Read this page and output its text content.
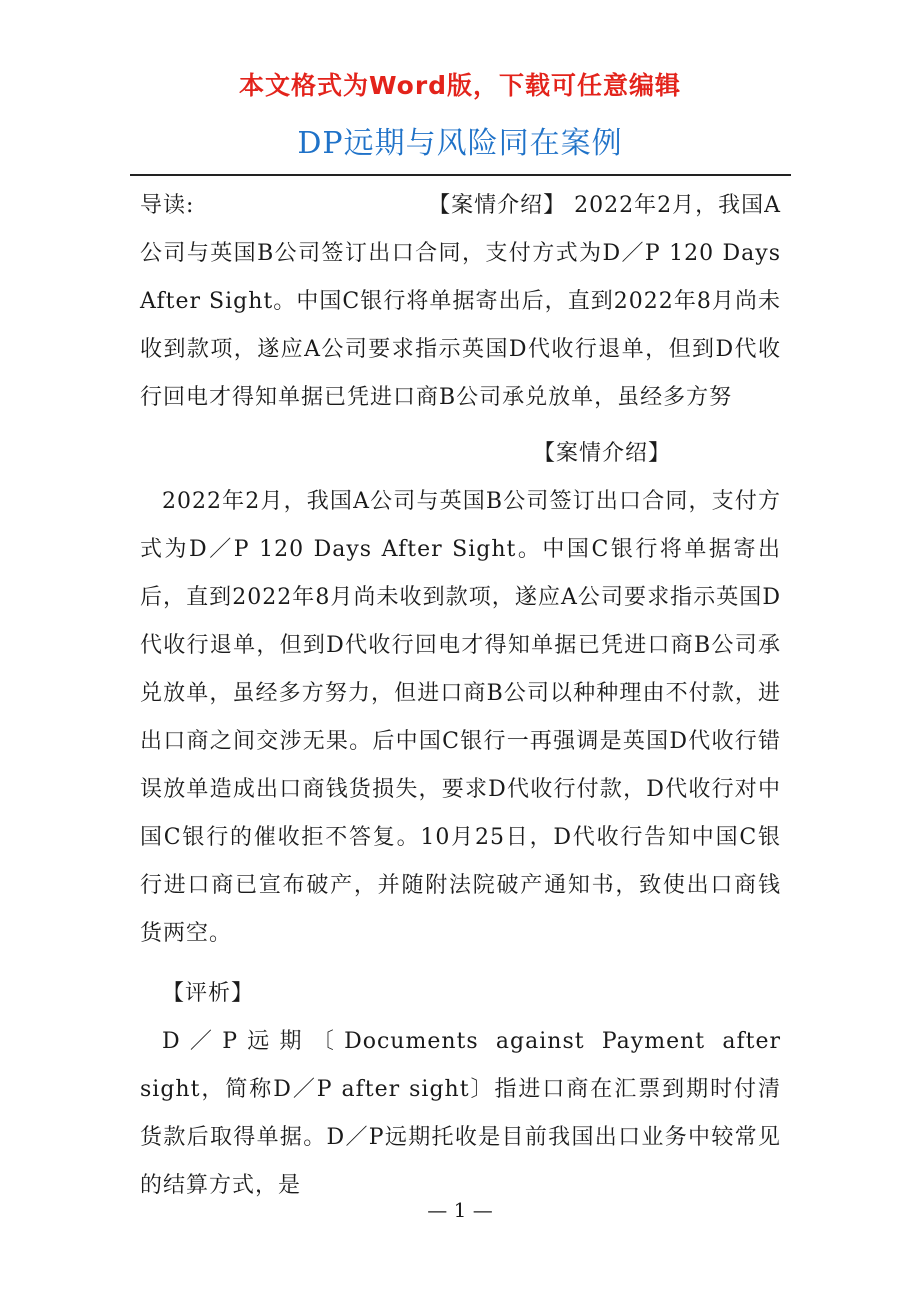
本文格式为Word版，下载可任意编辑
DP远期与风险同在案例
导读:	【案情介绍】 2022年2月，我国A

公司与英国B公司签订出口合同，支付方式为D／P 120 Days After Sight。中国C银行将单据寄出后，直到2022年8月尚未收到款项，遂应A公司要求指示英国D代收行退单，但到D代收行回电才得知单据已凭进口商B公司承兑放单，虽经多方努

【案情介绍】

2022年2月，我国A公司与英国B公司签订出口合同，支付方式为D／P 120 Days After Sight。中国C银行将单据寄出后，直到2022年8月尚未收到款项，遂应A公司要求指示英国D代收行退单，但到D代收行回电才得知单据已凭进口商B公司承兑放单，虽经多方努力，但进口商B公司以种种理由不付款，进出口商之间交涉无果。后中国C银行一再强调是英国D代收行错误放单造成出口商钱货损失，要求D代收行付款，D代收行对中国C银行的催收拒不答复。10月25日，D代收行告知中国C银行进口商已宣布破产，并随附法院破产通知书，致使出口商钱货两空。

【评析】

D／P远期〔Documents against Payment after sight，简称D／P after sight〕指进口商在汇票到期时付清货款后取得单据。D／P远期托收是目前我国出口业务中较常见的结算方式，是

— 1 —
